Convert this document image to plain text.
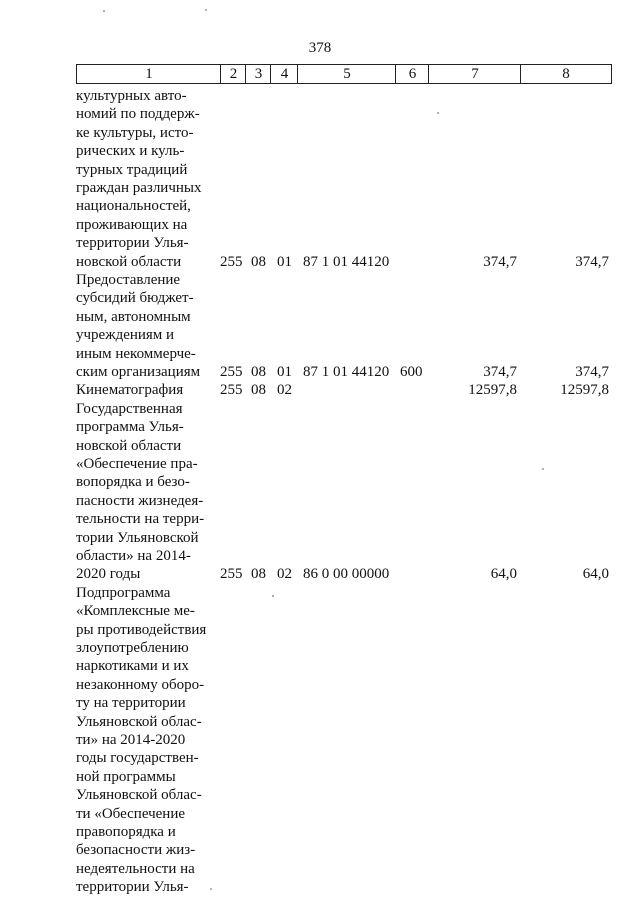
378
1	2	3	4	5	6	7	8
культурных авто-
номий по поддерж-
ке культуры, исто-
рических и куль-
турных традиций
граждан различных
национальностей,
проживающих на
территории Улья-
новской области	255 08 01 87 1 01 44120	374,7	374,7
Предоставление
субсидий бюджет-
ным, автономным
учреждениям и
иным некоммерче-
ским организациям	255 08 01 87 1 01 44120 600	374,7	374,7
Кинематография	255 08 02	12597,8	12597,8
Государственная
программа Улья-
новской области
«Обеспечение пра-
вопорядка и безо-
пасности жизнедея-
тельности на терри-
тории Ульяновской
области» на 2014-
2020 годы	255 08 02 86 0 00 00000	64,0	64,0
Подпрограмма
«Комплексные ме-
ры противодействия
злоупотреблению
наркотиками и их
незаконному оборо-
ту на территории
Ульяновской облас-
ти» на 2014-2020
годы государствен-
ной программы
Ульяновской облас-
ти «Обеспечение
правопорядка и
безопасности жиз-
недеятельности на
территории Улья-
